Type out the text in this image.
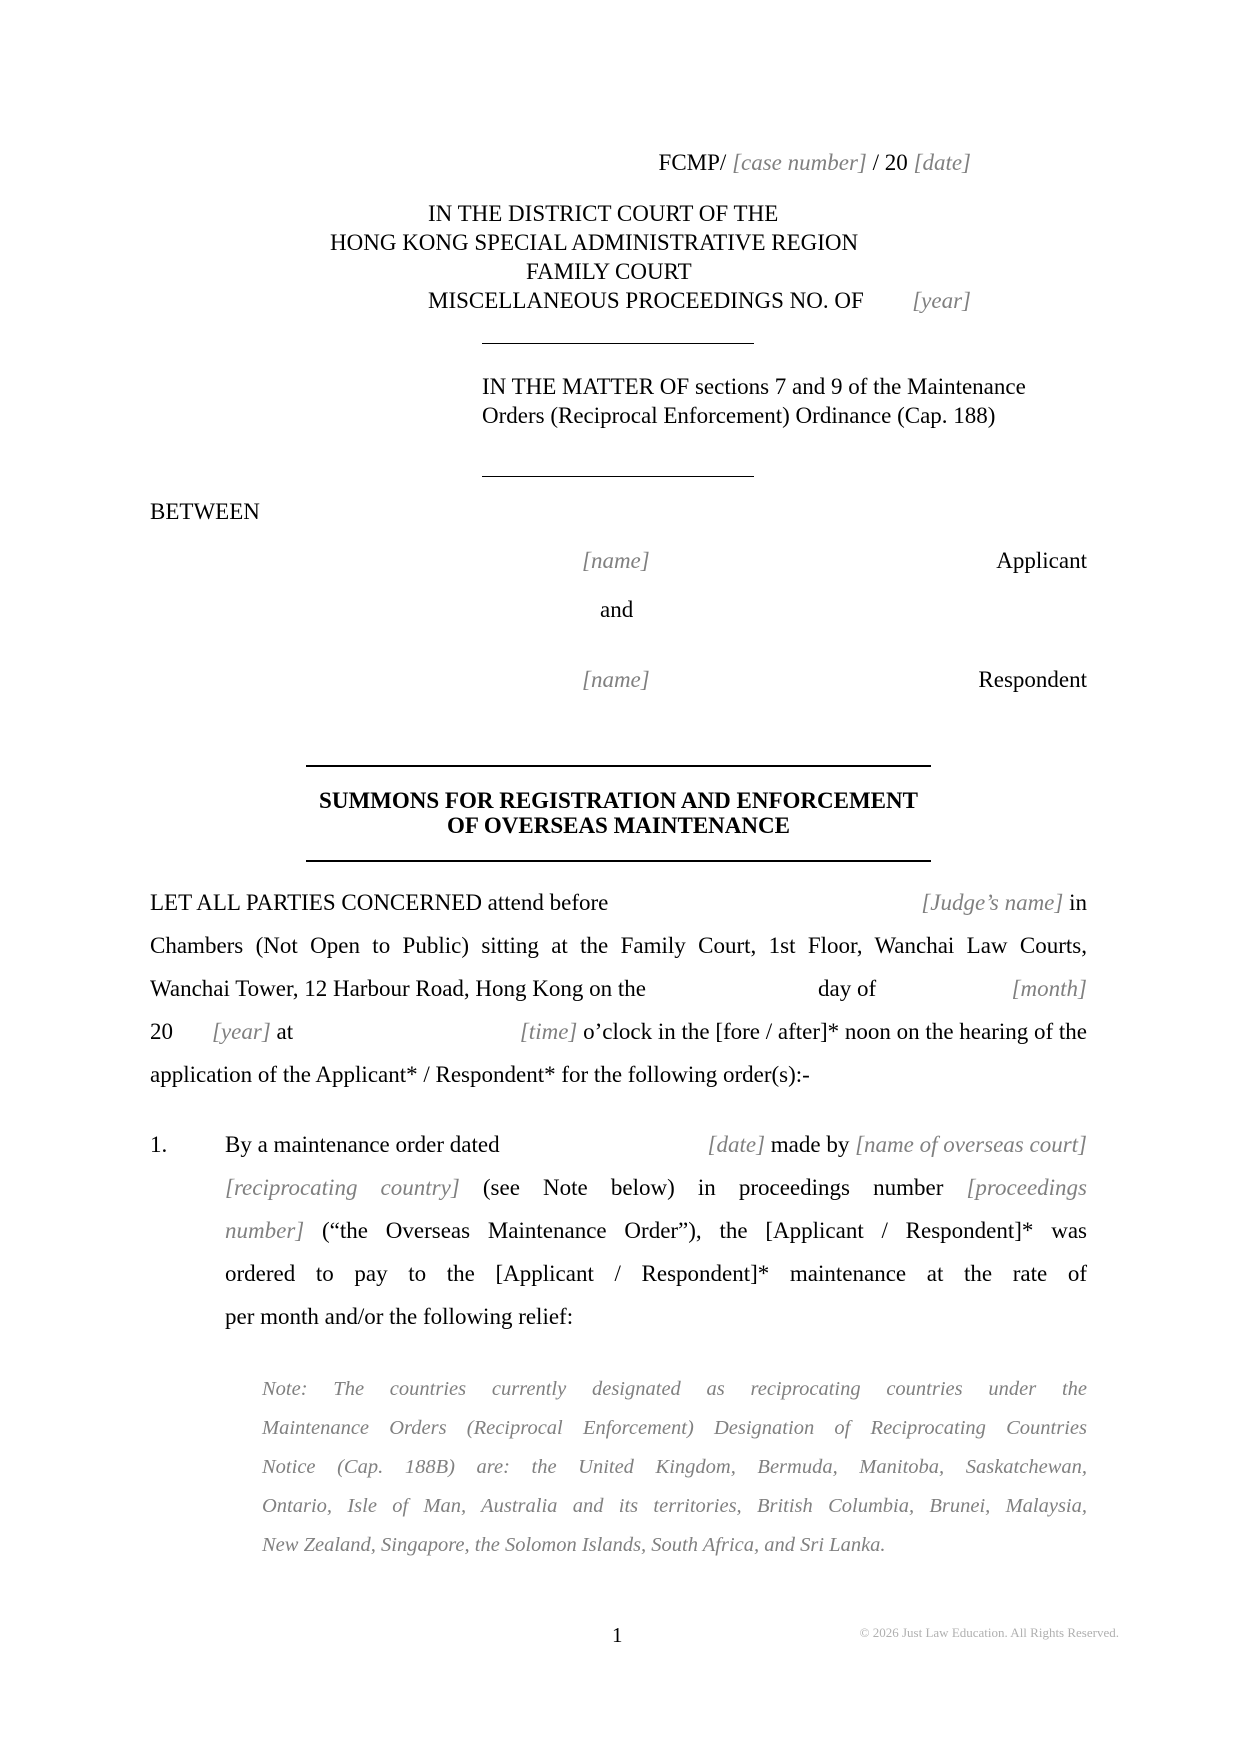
FCMP/ [case number] / 20 [date]
IN THE DISTRICT COURT OF THE
HONG KONG SPECIAL ADMINISTRATIVE REGION
FAMILY COURT
MISCELLANEOUS PROCEEDINGS NO. OF [year]
IN THE MATTER OF sections 7 and 9 of the Maintenance
Orders (Reciprocal Enforcement) Ordinance (Cap. 188)
BETWEEN
[name]	Applicant
and
[name]	Respondent
SUMMONS FOR REGISTRATION AND ENFORCEMENT
OF OVERSEAS MAINTENANCE
LET ALL PARTIES CONCERNED attend before	[Judge’s name] in
Chambers (Not Open to Public) sitting at the Family Court, 1st Floor, Wanchai Law Courts,
Wanchai Tower, 12 Harbour Road, Hong Kong on the	day of	[month]
20 [year] at	[time] o’clock in the [fore / after]* noon on the hearing of the
application of the Applicant* / Respondent* for the following order(s):-
1.	By a maintenance order dated	[date] made by [name of overseas court]
[reciprocating country] (see Note below) in proceedings number [proceedings
number] (“the Overseas Maintenance Order”), the [Applicant / Respondent]* was
ordered to pay to the [Applicant / Respondent]* maintenance at the rate of
per month and/or the following relief:
Note: The countries currently designated as reciprocating countries under the
Maintenance Orders (Reciprocal Enforcement) Designation of Reciprocating Countries
Notice (Cap. 188B) are: the United Kingdom, Bermuda, Manitoba, Saskatchewan,
Ontario, Isle of Man, Australia and its territories, British Columbia, Brunei, Malaysia,
New Zealand, Singapore, the Solomon Islands, South Africa, and Sri Lanka.
1	© 2026 Just Law Education. All Rights Reserved.
